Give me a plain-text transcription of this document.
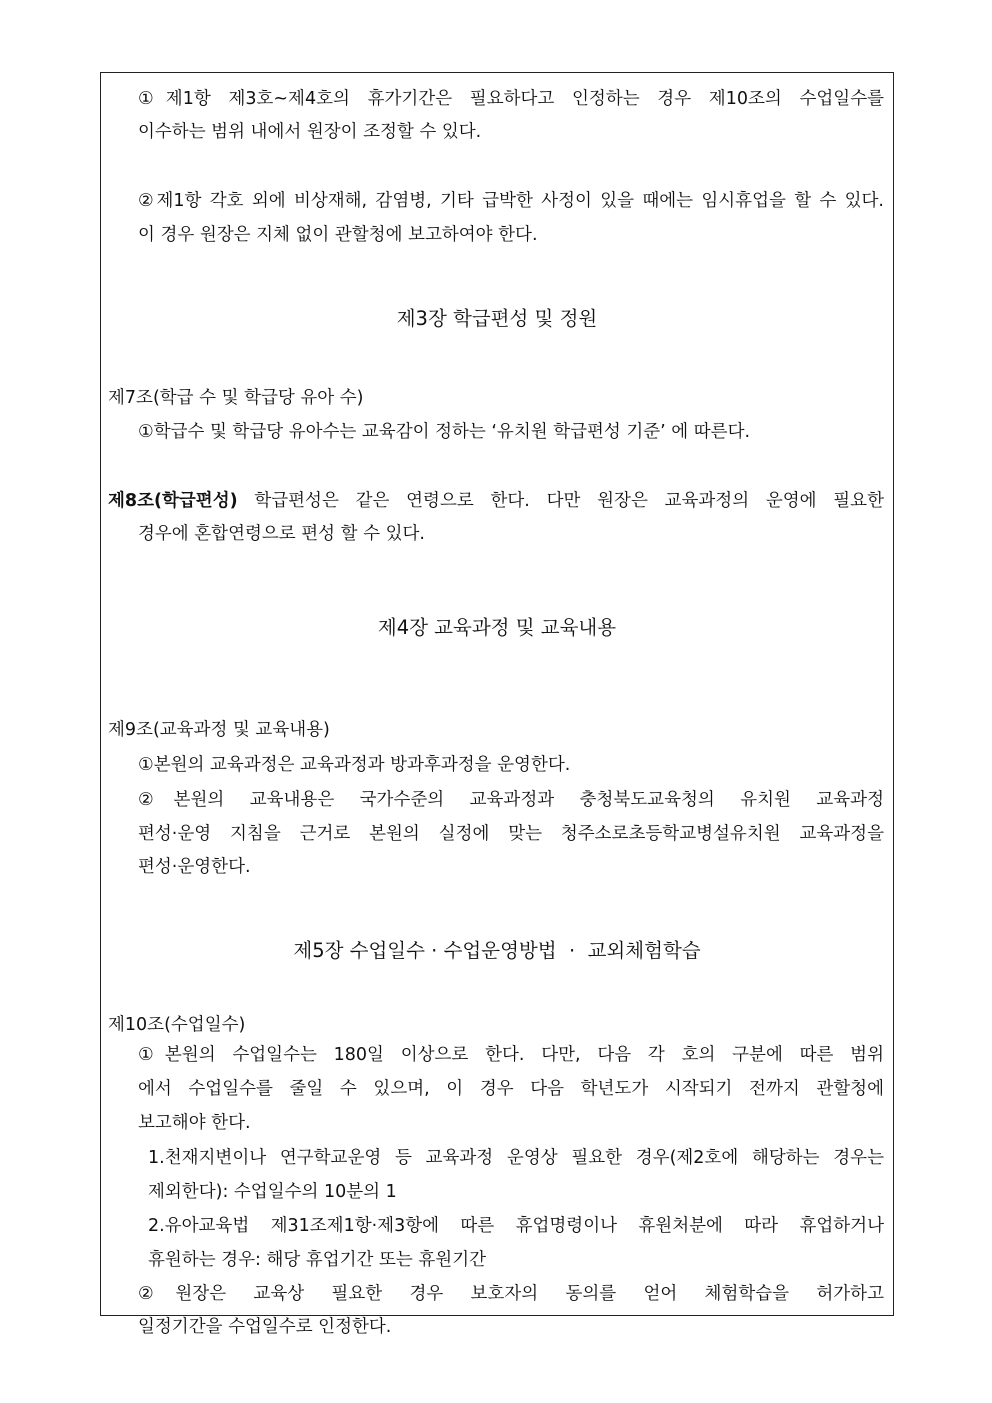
①제1항 제3호~제4호의 휴가기간은 필요하다고 인정하는 경우 제10조의 수업일수를
이수하는 범위 내에서 원장이 조정할 수 있다.
②제1항 각호 외에 비상재해, 감염병, 기타 급박한 사정이 있을 때에는 임시휴업을 할 수 있다.
이 경우 원장은 지체 없이 관할청에 보고하여야 한다.
제3장 학급편성 및 정원
제7조(학급 수 및 학급당 유아 수)
①학급수 및 학급당 유아수는 교육감이 정하는 ‘유치원 학급편성 기준’ 에 따른다.
제8조(학급편성) 학급편성은 같은 연령으로 한다. 다만 원장은 교육과정의 운영에 필요한
경우에 혼합연령으로 편성 할 수 있다.
제4장 교육과정 및 교육내용
제9조(교육과정 및 교육내용)
①본원의 교육과정은 교육과정과 방과후과정을 운영한다.
②본원의 교육내용은 국가수준의 교육과정과 충청북도교육청의 유치원 교육과정
편성·운영 지침을 근거로 본원의 실정에 맞는 청주소로초등학교병설유치원 교육과정을
편성·운영한다.
제5장 수업일수 · 수업운영방법  ·  교외체험학습
제10조(수업일수)
①본원의 수업일수는 180일 이상으로 한다. 다만, 다음 각 호의 구분에 따른 범위
에서 수업일수를 줄일 수 있으며, 이 경우 다음 학년도가 시작되기 전까지 관할청에
보고해야 한다.
1.천재지변이나 연구학교운영 등 교육과정 운영상 필요한 경우(제2호에 해당하는 경우는
제외한다): 수업일수의 10분의 1
2.유아교육법 제31조제1항·제3항에 따른 휴업명령이나 휴원처분에 따라 휴업하거나
휴원하는 경우: 해당 휴업기간 또는 휴원기간
②원장은 교육상 필요한 경우 보호자의 동의를 얻어 체험학습을 허가하고
일정기간을 수업일수로 인정한다.
